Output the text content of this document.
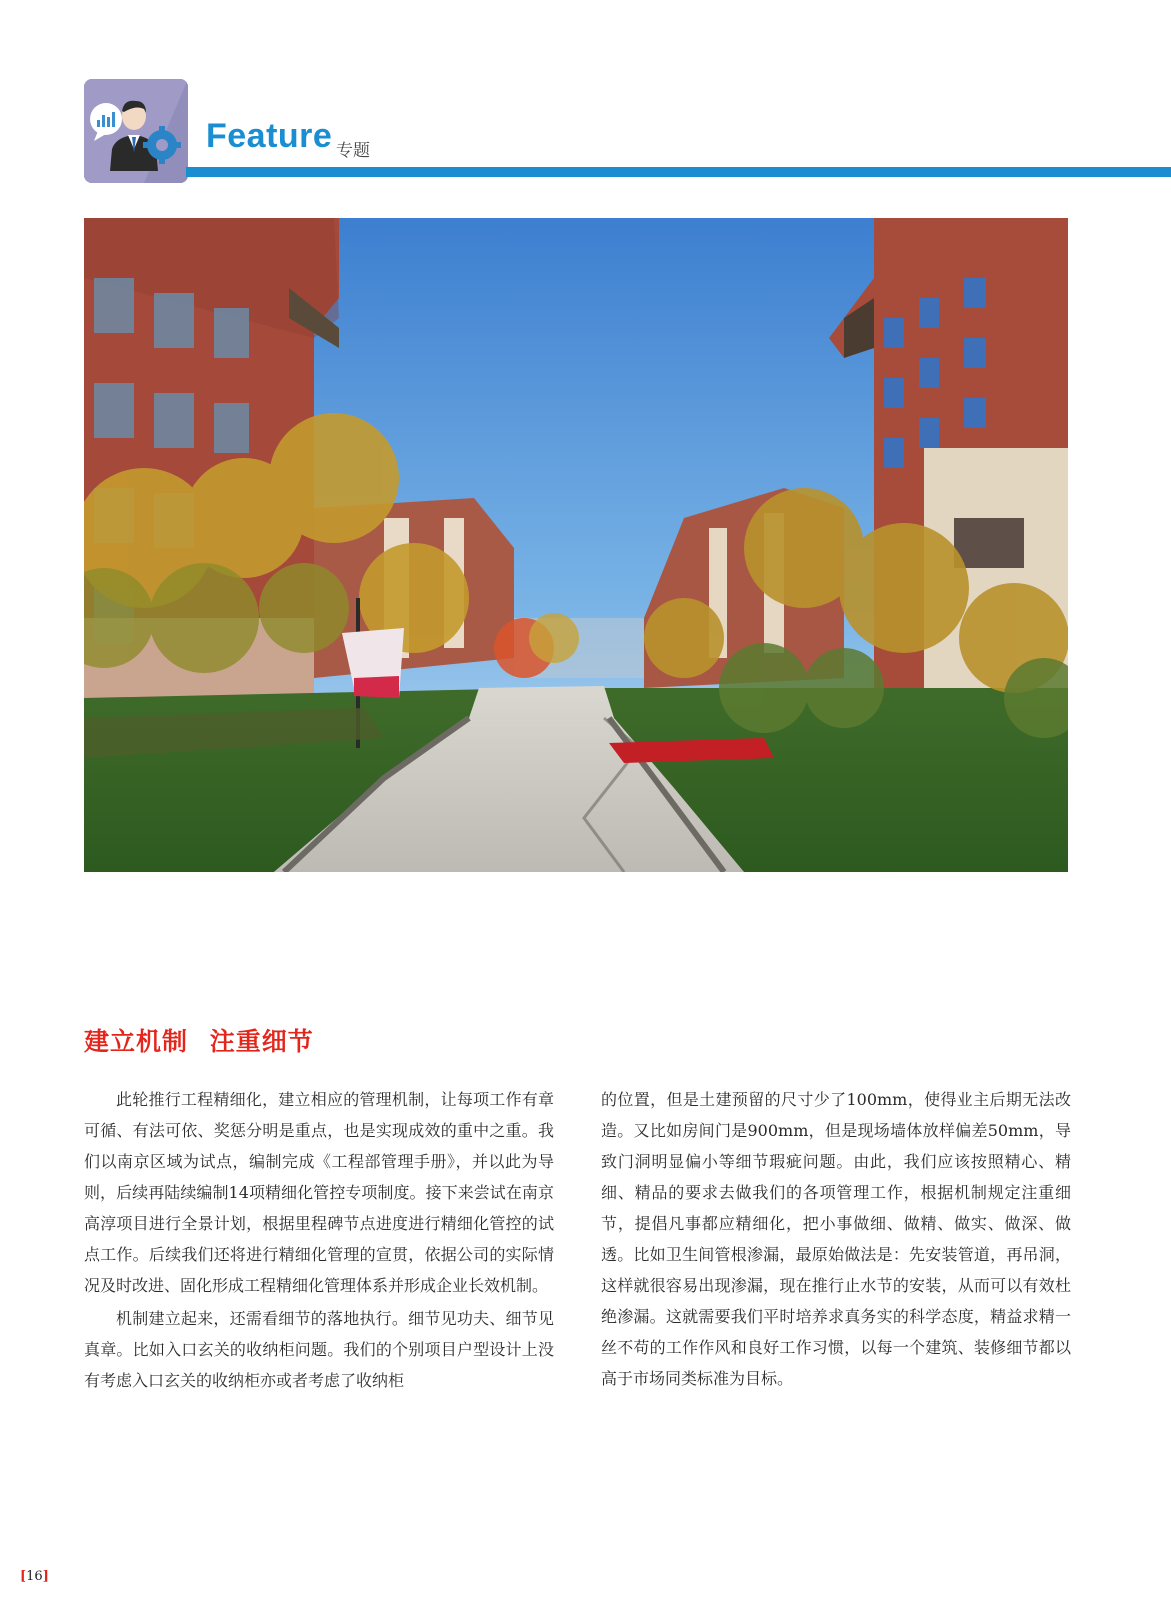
Feature 专题
建立机制 注重细节

此轮推行工程精细化，建立相应的管理机制，让每项工作有章可循、有法可依、奖惩分明是重点，也是实现成效的重中之重。我们以南京区域为试点，编制完成《工程部管理手册》，并以此为导则，后续再陆续编制14项精细化管控专项制度。接下来尝试在南京高淳项目进行全景计划，根据里程碑节点进度进行精细化管控的试点工作。后续我们还将进行精细化管理的宣贯，依据公司的实际情况及时改进、固化形成工程精细化管理体系并形成企业长效机制。

机制建立起来，还需看细节的落地执行。细节见功夫、细节见真章。比如入口玄关的收纳柜问题。我们的个别项目户型设计上没有考虑入口玄关的收纳柜亦或者考虑了收纳柜

的位置，但是土建预留的尺寸少了100mm，使得业主后期无法改造。又比如房间门是900mm，但是现场墙体放样偏差50mm，导致门洞明显偏小等细节瑕疵问题。由此，我们应该按照精心、精细、精品的要求去做我们的各项管理工作，根据机制规定注重细节，提倡凡事都应精细化，把小事做细、做精、做实、做深、做透。比如卫生间管根渗漏，最原始做法是：先安装管道，再吊洞，这样就很容易出现渗漏，现在推行止水节的安装，从而可以有效杜绝渗漏。这就需要我们平时培养求真务实的科学态度，精益求精一丝不苟的工作作风和良好工作习惯，以每一个建筑、装修细节都以高于市场同类标准为目标。

[16]
